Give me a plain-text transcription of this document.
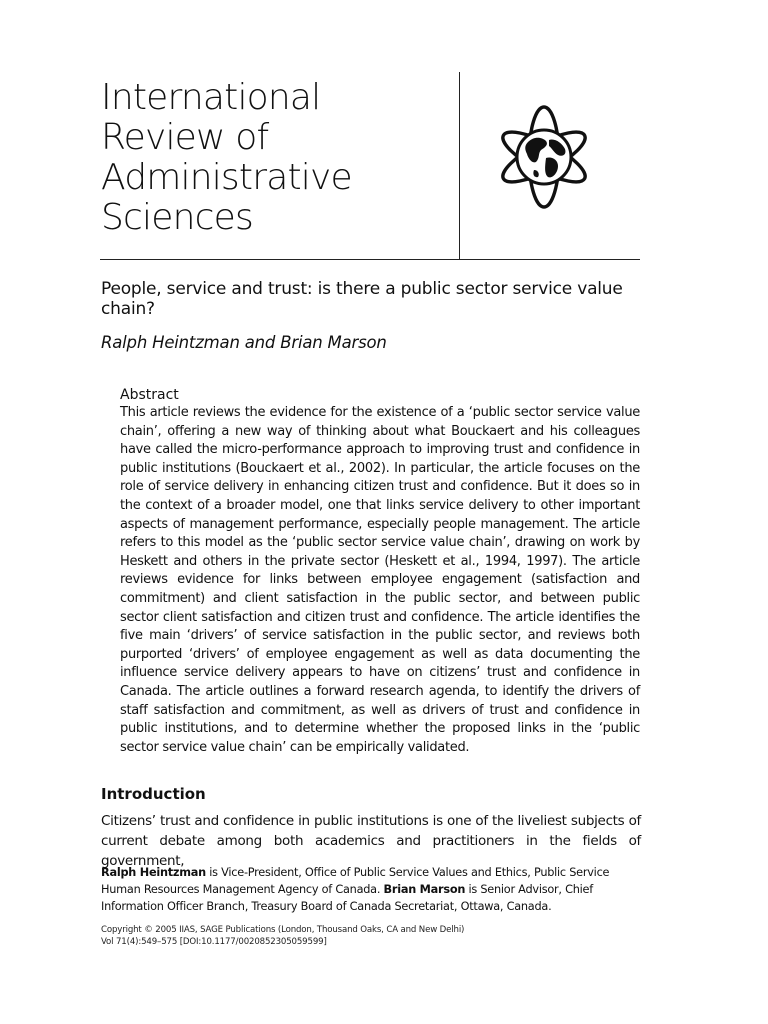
International
Review of
Administrative
Sciences
People, service and trust: is there a public sector service value chain?
Ralph Heintzman and Brian Marson
Abstract
This article reviews the evidence for the existence of a ‘public sector service value chain’, offering a new way of thinking about what Bouckaert and his colleagues have called the micro-performance approach to improving trust and confidence in public institutions (Bouckaert et al., 2002). In particular, the article focuses on the role of service delivery in enhancing citizen trust and confidence. But it does so in the context of a broader model, one that links service delivery to other important aspects of management performance, especially people management. The article refers to this model as the ‘public sector service value chain’, drawing on work by Heskett and others in the private sector (Heskett et al., 1994, 1997). The article reviews evidence for links between employee engagement (satisfaction and commitment) and client satisfaction in the public sector, and between public sector client satisfaction and citizen trust and confidence. The article identifies the five main ‘drivers’ of service satisfaction in the public sector, and reviews both purported ‘drivers’ of employee engagement as well as data documenting the influence service delivery appears to have on citizens’ trust and confidence in Canada. The article outlines a forward research agenda, to identify the drivers of staff satisfaction and commitment, as well as drivers of trust and confidence in public institutions, and to determine whether the proposed links in the ‘public sector service value chain’ can be empirically validated.
Introduction
Citizens’ trust and confidence in public institutions is one of the liveliest subjects of current debate among both academics and practitioners in the fields of government,
Ralph Heintzman is Vice-President, Office of Public Service Values and Ethics, Public Service Human Resources Management Agency of Canada. Brian Marson is Senior Advisor, Chief Information Officer Branch, Treasury Board of Canada Secretariat, Ottawa, Canada.
Copyright © 2005 IIAS, SAGE Publications (London, Thousand Oaks, CA and New Delhi)
Vol 71(4):549–575 [DOI:10.1177/0020852305059599]
